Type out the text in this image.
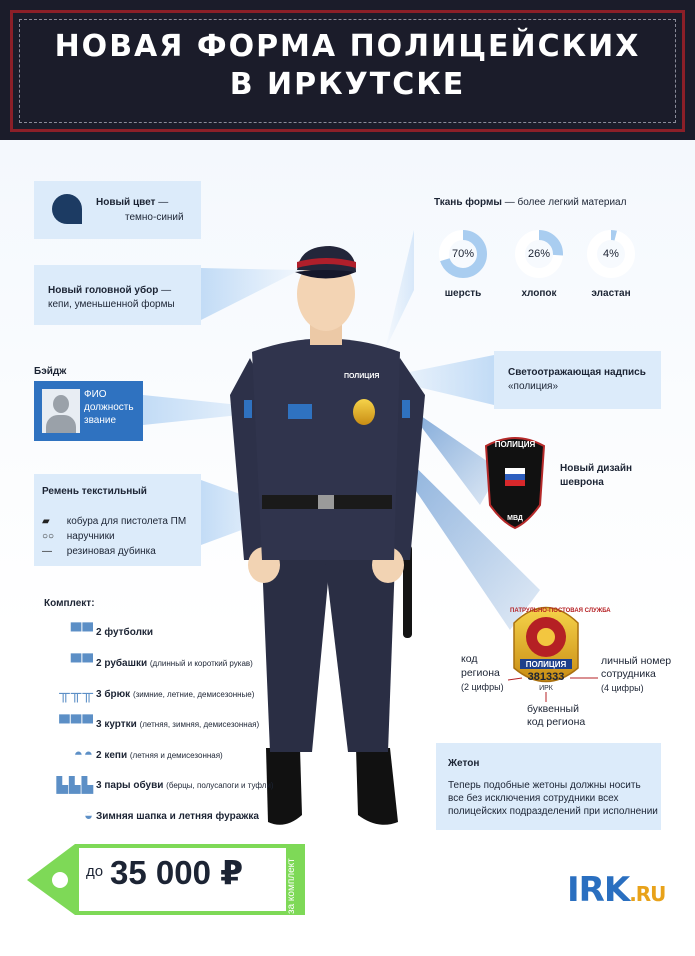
НОВАЯ ФОРМА ПОЛИЦЕЙСКИХ
В ИРКУТСКЕ
ПОЛИЦИЯ
МВД
ПОЛИЦИЯ
381333
ИРК
Новый цвет —
темно-синий
Новый головной убор —
кепи, уменьшенной формы
Бэйдж
ФИО
должность
звание
Ремень текстильный
▰ кобура для пистолета ПМ
○○ наручники
— резиновая дубинка
Комплект:
▀▀ 2 футболки
▀▀ 2 рубашки (длинный и короткий рукав)
╥╥╥ 3 брюк (зимние, летние, демисезонные)
▀▀▀ 3 куртки (летняя, зимняя, демисезонная)
◓◓ 2 кепи (летняя и демисезонная)
▙▙▙ 3 пары обуви (берцы, полусапоги и туфли)
◒ Зимняя шапка и летняя фуражка
до 35 000 ₽	за комплект
Ткань формы — более легкий материал
70%	26%	4%
шерсть	хлопок	эластан
Светоотражающая надпись
«полиция»
ПОЛИЦИЯ
Новый дизайн
шеврона
ПАТРУЛЬНО-ПОСТОВАЯ СЛУЖБА
код
региона
(2 цифры)
личный номер
сотрудника
(4 цифры)
буквенный
код региона
Жетон
Теперь подобные жетоны должны носить
все без исключения сотрудники всех
полицейских подразделений при исполнении
IRK.RU
